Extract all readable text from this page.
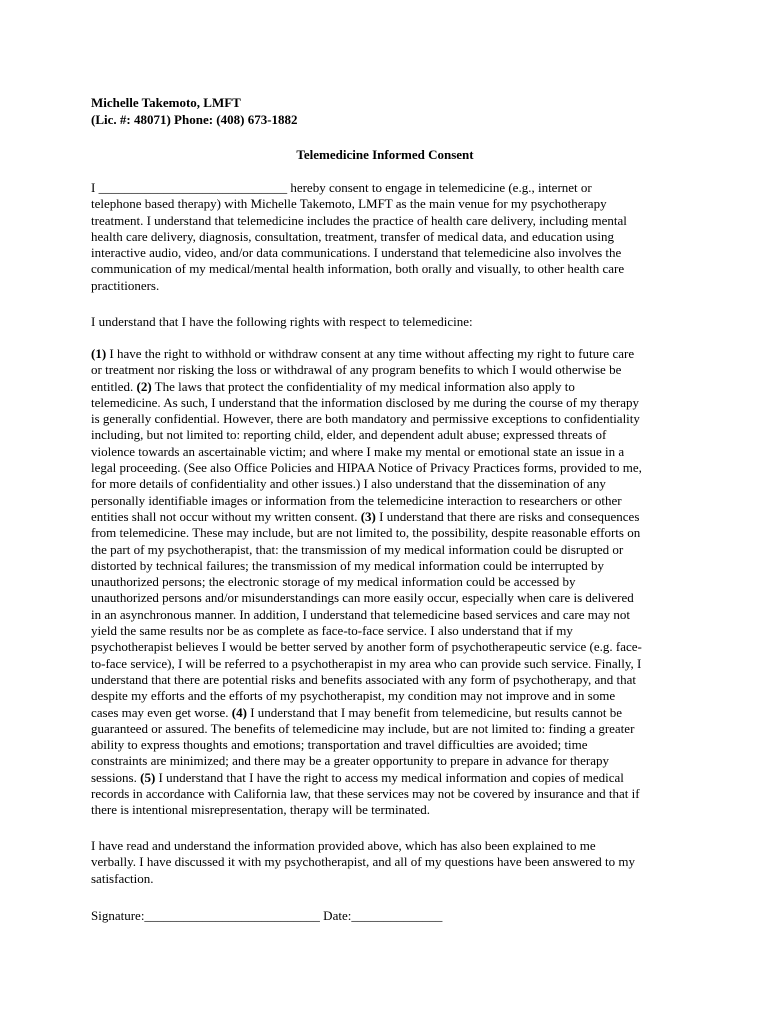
Michelle Takemoto, LMFT
(Lic. #: 48071) Phone: (408) 673-1882
Telemedicine Informed Consent
I _____________________________ hereby consent to engage in telemedicine (e.g., internet or
telephone based therapy) with Michelle Takemoto, LMFT as the main venue for my psychotherapy
treatment. I understand that telemedicine includes the practice of health care delivery, including mental
health care delivery, diagnosis, consultation, treatment, transfer of medical data, and education using
interactive audio, video, and/or data communications. I understand that telemedicine also involves the
communication of my medical/mental health information, both orally and visually, to other health care
practitioners.
I understand that I have the following rights with respect to telemedicine:
(1) I have the right to withhold or withdraw consent at any time without affecting my right to future care
or treatment nor risking the loss or withdrawal of any program benefits to which I would otherwise be
entitled. (2) The laws that protect the confidentiality of my medical information also apply to
telemedicine. As such, I understand that the information disclosed by me during the course of my therapy
is generally confidential. However, there are both mandatory and permissive exceptions to confidentiality
including, but not limited to: reporting child, elder, and dependent adult abuse; expressed threats of
violence towards an ascertainable victim; and where I make my mental or emotional state an issue in a
legal proceeding. (See also Office Policies and HIPAA Notice of Privacy Practices forms, provided to me,
for more details of confidentiality and other issues.) I also understand that the dissemination of any
personally identifiable images or information from the telemedicine interaction to researchers or other
entities shall not occur without my written consent. (3) I understand that there are risks and consequences
from telemedicine. These may include, but are not limited to, the possibility, despite reasonable efforts on
the part of my psychotherapist, that: the transmission of my medical information could be disrupted or
distorted by technical failures; the transmission of my medical information could be interrupted by
unauthorized persons; the electronic storage of my medical information could be accessed by
unauthorized persons and/or misunderstandings can more easily occur, especially when care is delivered
in an asynchronous manner. In addition, I understand that telemedicine based services and care may not
yield the same results nor be as complete as face-to-face service. I also understand that if my
psychotherapist believes I would be better served by another form of psychotherapeutic service (e.g. face-
to-face service), I will be referred to a psychotherapist in my area who can provide such service. Finally, I
understand that there are potential risks and benefits associated with any form of psychotherapy, and that
despite my efforts and the efforts of my psychotherapist, my condition may not improve and in some
cases may even get worse. (4) I understand that I may benefit from telemedicine, but results cannot be
guaranteed or assured. The benefits of telemedicine may include, but are not limited to: finding a greater
ability to express thoughts and emotions; transportation and travel difficulties are avoided; time
constraints are minimized; and there may be a greater opportunity to prepare in advance for therapy
sessions. (5) I understand that I have the right to access my medical information and copies of medical
records in accordance with California law, that these services may not be covered by insurance and that if
there is intentional misrepresentation, therapy will be terminated.
I have read and understand the information provided above, which has also been explained to me
verbally. I have discussed it with my psychotherapist, and all of my questions have been answered to my
satisfaction.
Signature:___________________________ Date:______________
